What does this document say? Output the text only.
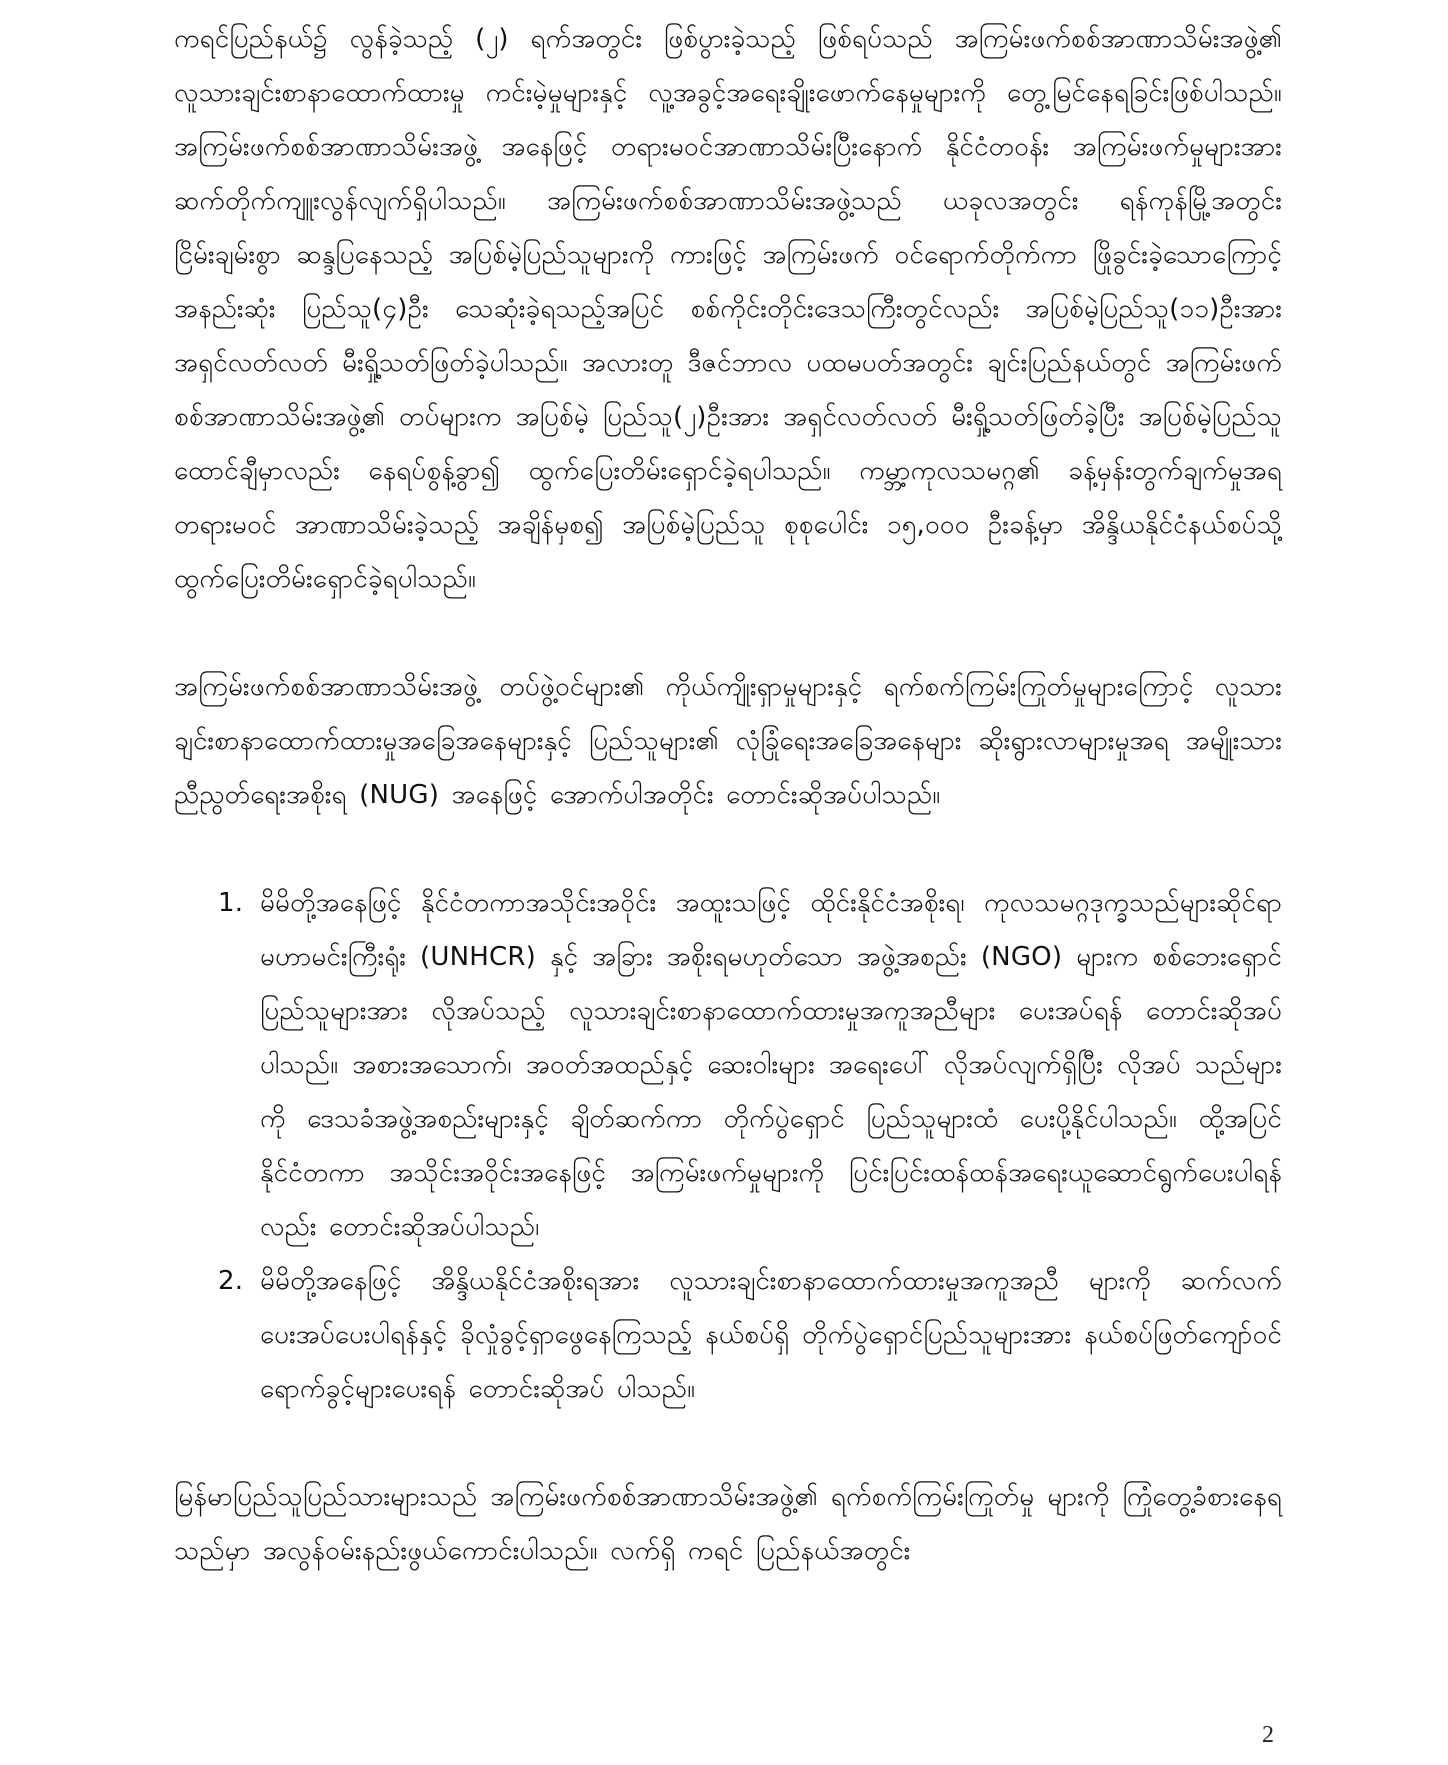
ကရင်ပြည်နယ်၌ လွန်ခဲ့သည့် (၂) ရက်အတွင်း ဖြစ်ပွားခဲ့သည့် ဖြစ်ရပ်သည် အကြမ်းဖက်စစ်အာဏာသိမ်းအဖွဲ့၏ လူသားချင်းစာနာထောက်ထားမှု ကင်းမဲ့မှုများနှင့် လူ့အခွင့်အရေးချိုးဖောက်နေမှုများကို တွေ့မြင်နေရခြင်းဖြစ်ပါသည်။ အကြမ်းဖက်စစ်အာဏာသိမ်းအဖွဲ့ အနေဖြင့် တရားမဝင်အာဏာသိမ်းပြီးနောက် နိုင်ငံတဝန်း အကြမ်းဖက်မှုများအား ဆက်တိုက်ကျူးလွန်လျက်ရှိပါသည်။ အကြမ်းဖက်စစ်အာဏာသိမ်းအဖွဲ့သည် ယခုလအတွင်း ရန်ကုန်မြို့အတွင်း ငြိမ်းချမ်းစွာ ဆန္ဒပြနေသည့် အပြစ်မဲ့ပြည်သူများကို ကားဖြင့် အကြမ်းဖက် ဝင်ရောက်တိုက်ကာ ဖြိုခွင်းခဲ့သောကြောင့် အနည်းဆုံး ပြည်သူ(၄)ဦး သေဆုံးခဲ့ရသည့်အပြင် စစ်ကိုင်းတိုင်းဒေသကြီးတွင်လည်း အပြစ်မဲ့ပြည်သူ(၁၁)ဦးအား အရှင်လတ်လတ် မီးရှို့သတ်ဖြတ်ခဲ့ပါသည်။ အလားတူ ဒီဇင်ဘာလ ပထမပတ်အတွင်း ချင်းပြည်နယ်တွင် အကြမ်းဖက်စစ်အာဏာသိမ်းအဖွဲ့၏ တပ်များက အပြစ်မဲ့ ပြည်သူ(၂)ဦးအား အရှင်လတ်လတ် မီးရှို့သတ်ဖြတ်ခဲ့ပြီး အပြစ်မဲ့ပြည်သူ ထောင်ချီမှာလည်း နေရပ်စွန့်ခွာ၍ ထွက်ပြေးတိမ်းရှောင်ခဲ့ရပါသည်။ ကမ္ဘာ့ကုလသမဂ္ဂ၏ ခန့်မှန်းတွက်ချက်မှုအရ တရားမဝင် အာဏာသိမ်းခဲ့သည့် အချိန်မှစ၍ အပြစ်မဲ့ပြည်သူ စုစုပေါင်း ၁၅,၀၀၀ ဦးခန့်မှာ အိန္ဒိယနိုင်ငံနယ်စပ်သို့ ထွက်ပြေးတိမ်းရှောင်ခဲ့ရပါသည်။

အကြမ်းဖက်စစ်အာဏာသိမ်းအဖွဲ့ တပ်ဖွဲ့ဝင်များ၏ ကိုယ်ကျိုးရှာမှုများနှင့် ရက်စက်ကြမ်းကြုတ်မှုများကြောင့် လူသားချင်းစာနာထောက်ထားမှုအခြေအနေများနှင့် ပြည်သူများ၏ လုံခြုံရေးအခြေအနေများ ဆိုးရွားလာများမှုအရ အမျိုးသားညီညွတ်ရေးအစိုးရ (NUG) အနေဖြင့် အောက်ပါအတိုင်း တောင်းဆိုအပ်ပါသည်။

1. မိမိတို့အနေဖြင့် နိုင်ငံတကာအသိုင်းအဝိုင်း အထူးသဖြင့် ထိုင်းနိုင်ငံအစိုးရ၊ ကုလသမဂ္ဂဒုက္ခသည်များဆိုင်ရာမဟာမင်းကြီးရုံး (UNHCR) နှင့် အခြား အစိုးရမဟုတ်သော အဖွဲ့အစည်း (NGO) များက စစ်ဘေးရှောင်ပြည်သူများအား လိုအပ်သည့် လူသားချင်းစာနာထောက်ထားမှုအကူအညီများ ပေးအပ်ရန် တောင်းဆိုအပ်ပါသည်။ အစားအသောက်၊ အဝတ်အထည်နှင့် ဆေးဝါးများ အရေးပေါ် လိုအပ်လျက်ရှိပြီး လိုအပ် သည်များကို ဒေသခံအဖွဲ့အစည်းများနှင့် ချိတ်ဆက်ကာ တိုက်ပွဲရှောင် ပြည်သူများထံ ပေးပို့နိုင်ပါသည်။ ထို့အပြင် နိုင်ငံတကာ အသိုင်းအဝိုင်းအနေဖြင့် အကြမ်းဖက်မှုများကို ပြင်းပြင်းထန်ထန်အရေးယူဆောင်ရွက်ပေးပါရန်လည်း တောင်းဆိုအပ်ပါသည်၊
2. မိမိတို့အနေဖြင့် အိန္ဒိယနိုင်ငံအစိုးရအား လူသားချင်းစာနာထောက်ထားမှုအကူအညီ များကို ဆက်လက်ပေးအပ်ပေးပါရန်နှင့် ခိုလှုံခွင့်ရှာဖွေနေကြသည့် နယ်စပ်ရှိ တိုက်ပွဲရှောင်ပြည်သူများအား နယ်စပ်ဖြတ်ကျော်ဝင်ရောက်ခွင့်များပေးရန် တောင်းဆိုအပ် ပါသည်။

မြန်မာပြည်သူပြည်သားများသည် အကြမ်းဖက်စစ်အာဏာသိမ်းအဖွဲ့၏ ရက်စက်ကြမ်းကြုတ်မှု များကို ကြုံတွေ့ခံစားနေရသည်မှာ အလွန်ဝမ်းနည်းဖွယ်ကောင်းပါသည်။ လက်ရှိ ကရင် ပြည်နယ်အတွင်း

2
